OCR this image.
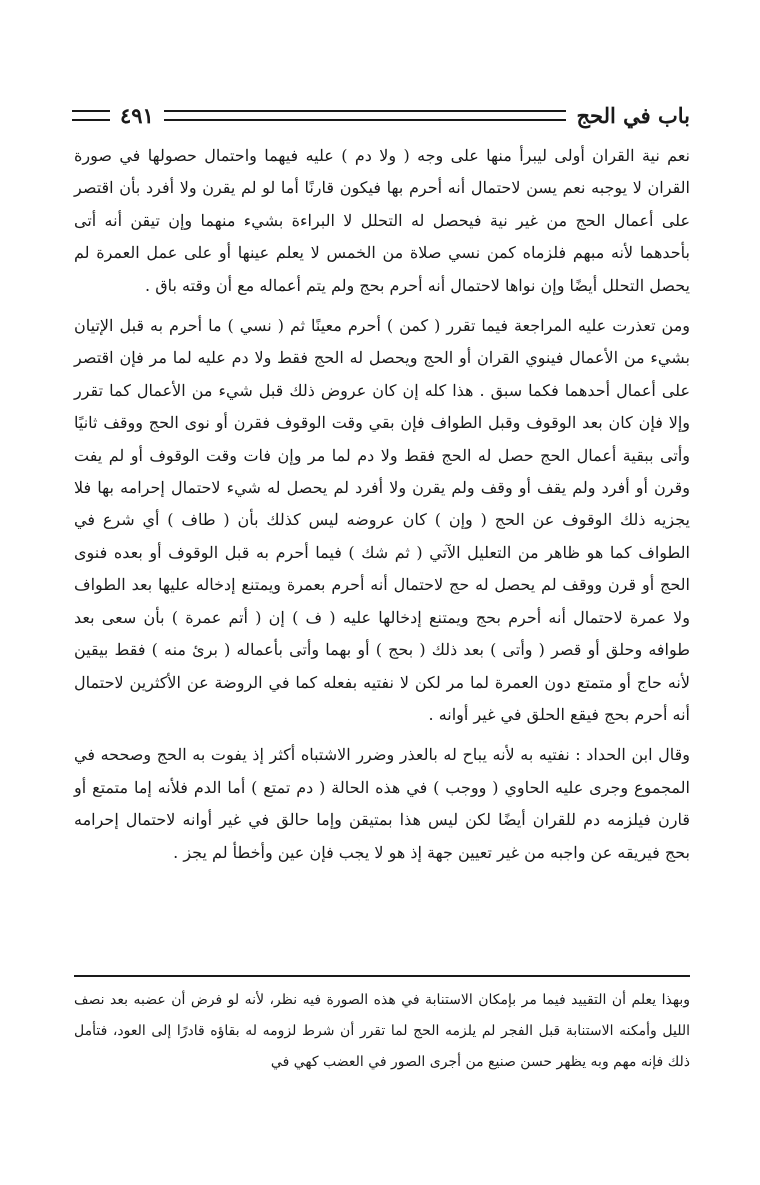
باب في الحج
٤٩١

نعم نية القران أولى ليبرأ منها على وجه ( ولا دم ) عليه فيهما واحتمال حصولها في صورة القران لا يوجبه نعم يسن لاحتمال أنه أحرم بها فيكون قارنًا أما لو لم يقرن ولا أفرد بأن اقتصر على أعمال الحج من غير نية فيحصل له التحلل لا البراءة بشيء منهما وإن تيقن أنه أتى بأحدهما لأنه مبهم فلزماه كمن نسي صلاة من الخمس لا يعلم عينها أو على عمل العمرة لم يحصل التحلل أيضًا وإن نواها لاحتمال أنه أحرم بحج ولم يتم أعماله مع أن وقته باق .

ومن تعذرت عليه المراجعة فيما تقرر ( كمن ) أحرم معينًا ثم ( نسي ) ما أحرم به قبل الإتيان بشيء من الأعمال فينوي القران أو الحج ويحصل له الحج فقط ولا دم عليه لما مر فإن اقتصر على أعمال أحدهما فكما سبق . هذا كله إن كان عروض ذلك قبل شيء من الأعمال كما تقرر وإلا فإن كان بعد الوقوف وقبل الطواف فإن بقي وقت الوقوف فقرن أو نوى الحج ووقف ثانيًا وأتى ببقية أعمال الحج حصل له الحج فقط ولا دم لما مر وإن فات وقت الوقوف أو لم يفت وقرن أو أفرد ولم يقف أو وقف ولم يقرن ولا أفرد لم يحصل له شيء لاحتمال إحرامه بها فلا يجزيه ذلك الوقوف عن الحج ( وإن ) كان عروضه ليس كذلك بأن ( طاف ) أي شرع في الطواف كما هو ظاهر من التعليل الآتي ( ثم شك ) فيما أحرم به قبل الوقوف أو بعده فنوى الحج أو قرن ووقف لم يحصل له حج لاحتمال أنه أحرم بعمرة ويمتنع إدخاله عليها بعد الطواف ولا عمرة لاحتمال أنه أحرم بحج ويمتنع إدخالها عليه ( ف ) إن ( أتم عمرة ) بأن سعى بعد طوافه وحلق أو قصر ( وأتى ) بعد ذلك ( بحج ) أو بهما وأتى بأعماله ( برئ منه ) فقط بيقين لأنه حاج أو متمتع دون العمرة لما مر لكن لا نفتيه بفعله كما في الروضة عن الأكثرين لاحتمال أنه أحرم بحج فيقع الحلق في غير أوانه .

وقال ابن الحداد : نفتيه به لأنه يباح له بالعذر وضرر الاشتباه أكثر إذ يفوت به الحج وصححه في المجموع وجرى عليه الحاوي ( ووجب ) في هذه الحالة ( دم تمتع ) أما الدم فلأنه إما متمتع أو قارن فيلزمه دم للقران أيضًا لكن ليس هذا بمتيقن وإما حالق في غير أوانه لاحتمال إحرامه بحج فيريقه عن واجبه من غير تعيين جهة إذ هو لا يجب فإن عين وأخطأ لم يجز .

وبهذا يعلم أن التقييد فيما مر بإمكان الاستنابة في هذه الصورة فيه نظر، لأنه لو فرض أن عضبه بعد نصف الليل وأمكنه الاستنابة قبل الفجر لم يلزمه الحج لما تقرر أن شرط لزومه له بقاؤه قادرًا إلى العود، فتأمل ذلك فإنه مهم وبه يظهر حسن صنيع من أجرى الصور في العضب كهي في
